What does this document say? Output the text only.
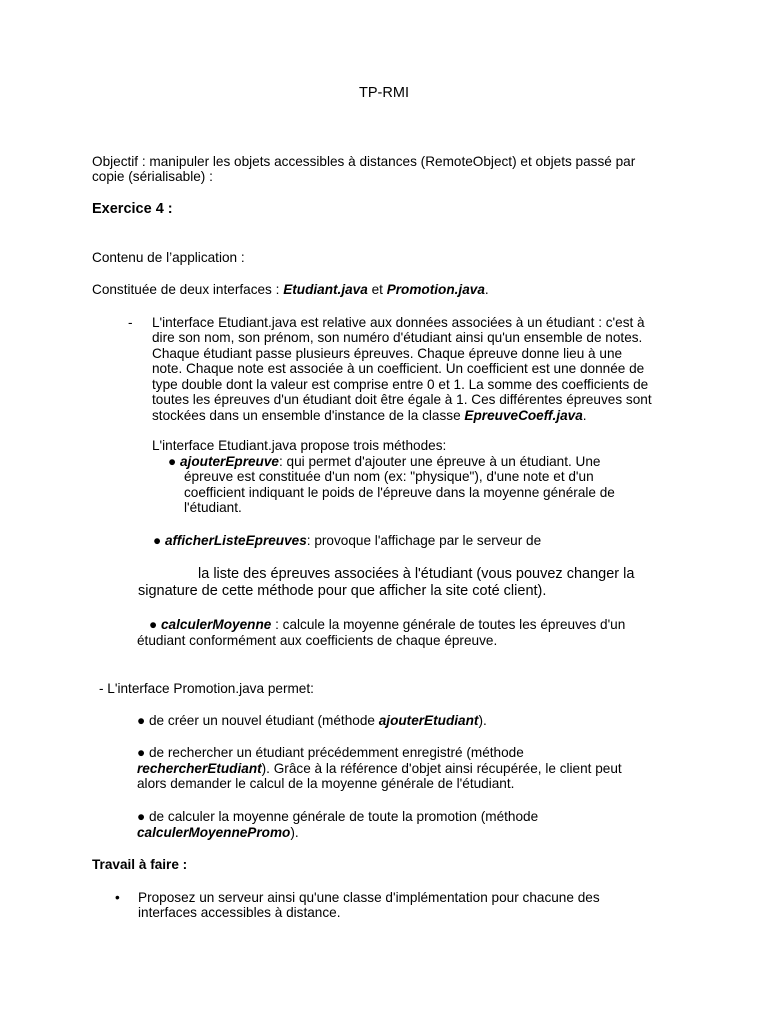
TP-RMI

Objectif : manipuler les objets accessibles à distances (RemoteObject) et objets passé par

copie (sérialisable) :

Exercice 4 :

Contenu de l’application :

Constituée de deux interfaces : Etudiant.java et Promotion.java.

- L'interface Etudiant.java est relative aux données associées à un étudiant : c'est à

dire son nom, son prénom, son numéro d'étudiant ainsi qu'un ensemble de notes.

Chaque étudiant passe plusieurs épreuves. Chaque épreuve donne lieu à une

note. Chaque note est associée à un coefficient. Un coefficient est une donnée de

type double dont la valeur est comprise entre 0 et 1. La somme des coefficients de

toutes les épreuves d'un étudiant doit être égale à 1. Ces différentes épreuves sont

stockées dans un ensemble d'instance de la classe EpreuveCoeff.java.

L'interface Etudiant.java propose trois méthodes:

● ajouterEpreuve: qui permet d'ajouter une épreuve à un étudiant. Une

épreuve est constituée d'un nom (ex: "physique"), d'une note et d'un

coefficient indiquant le poids de l'épreuve dans la moyenne générale de

l'étudiant.

● afficherListeEpreuves: provoque l'affichage par le serveur de

la liste des épreuves associées à l'étudiant (vous pouvez changer la

signature de cette méthode pour que afficher la site coté client).

● calculerMoyenne : calcule la moyenne générale de toutes les épreuves d'un

étudiant conformément aux coefficients de chaque épreuve.

- L'interface Promotion.java permet:

● de créer un nouvel étudiant (méthode ajouterEtudiant).

● de rechercher un étudiant précédemment enregistré (méthode

rechercherEtudiant). Grâce à la référence d'objet ainsi récupérée, le client peut

alors demander le calcul de la moyenne générale de l'étudiant.

● de calculer la moyenne générale de toute la promotion (méthode

calculerMoyennePromo).

Travail à faire :

• Proposez un serveur ainsi qu'une classe d'implémentation pour chacune des

interfaces accessibles à distance.
